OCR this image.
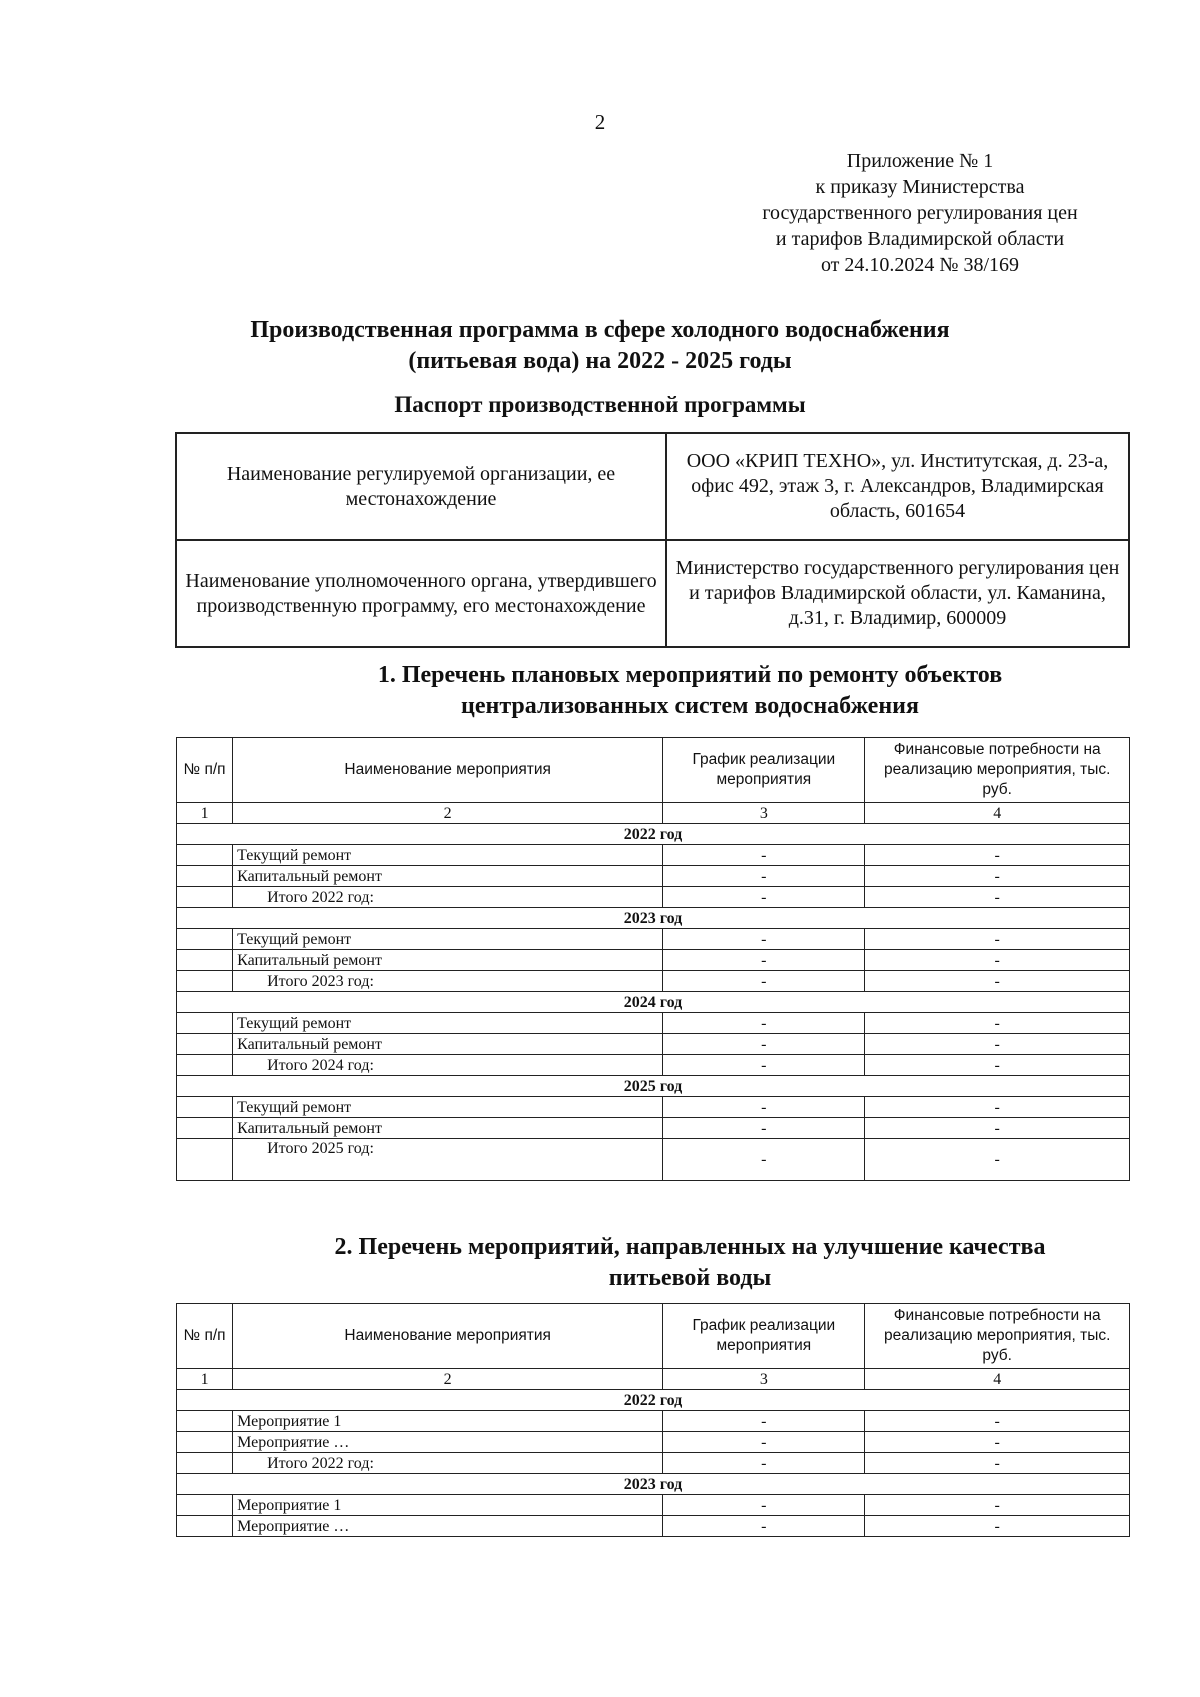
2
Приложение № 1
к приказу Министерства
государственного регулирования цен
и тарифов Владимирской области
от 24.10.2024 № 38/169
Производственная программа в сфере холодного водоснабжения
(питьевая вода) на 2022 - 2025 годы
Паспорт производственной программы
Наименование регулируемой организации, ее местонахождение	ООО «КРИП ТЕХНО», ул. Институтская, д. 23-а, офис 492, этаж 3, г. Александров, Владимирская область, 601654
Наименование уполномоченного органа, утвердившего производственную программу, его местонахождение	Министерство государственного регулирования цен и тарифов Владимирской области, ул. Каманина, д.31, г. Владимир, 600009
1. Перечень плановых мероприятий по ремонту объектов
централизованных систем водоснабжения
№ п/п	Наименование мероприятия	График реализации мероприятия	Финансовые потребности на реализацию мероприятия, тыс. руб.
1	2	3	4
2022 год			
	Текущий ремонт	-	-
	Капитальный ремонт	-	-
	Итого 2022 год:	-	-
2023 год			
	Текущий ремонт	-	-
	Капитальный ремонт	-	-
	Итого 2023 год:	-	-
2024 год			
	Текущий ремонт	-	-
	Капитальный ремонт	-	-
	Итого 2024 год:	-	-
2025 год			
	Текущий ремонт	-	-
	Капитальный ремонт	-	-
	Итого 2025 год:	-	-
2. Перечень мероприятий, направленных на улучшение качества
питьевой воды
№ п/п	Наименование мероприятия	График реализации мероприятия	Финансовые потребности на реализацию мероприятия, тыс. руб.
1	2	3	4
2022 год			
	Мероприятие 1	-	-
	Мероприятие …	-	-
	Итого 2022 год:	-	-
2023 год			
	Мероприятие 1	-	-
	Мероприятие …	-	-
